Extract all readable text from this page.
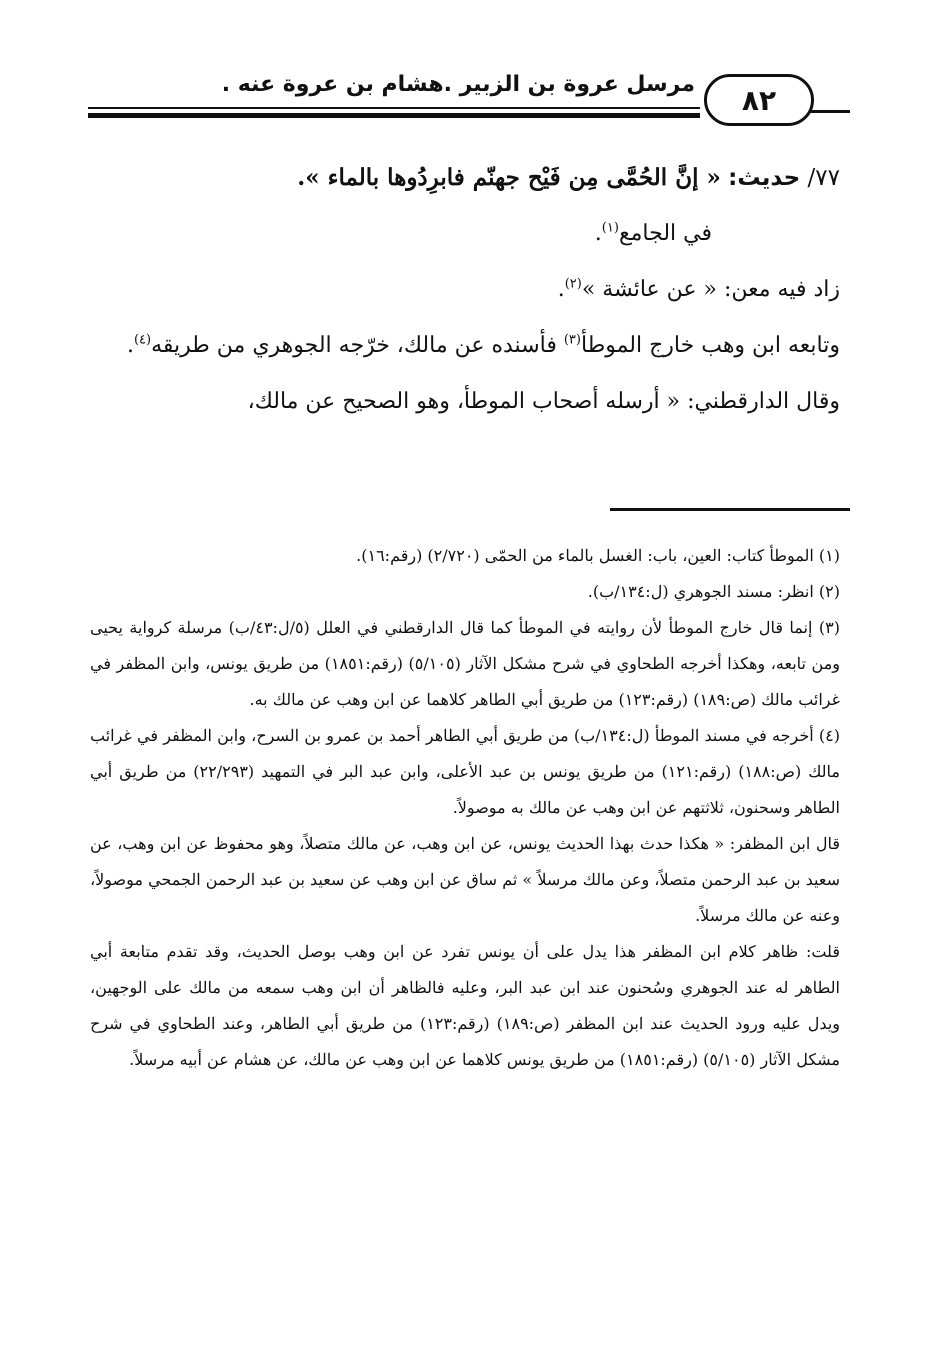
مرسل عروة بن الزبير .هشام بن عروة عنه .	٨٢

٧٧/ حديث: « إنَّ الحُمَّى مِن فَيْح جهنّم فابرِدُوها بالماء ».

في الجامع$^{(١)}$.

زاد فيه معن: « عن عائشة »$^{(٢)}$.

وتابعه ابن وهب خارج الموطأ$^{(٣)}$ فأسنده عن مالك، خرّجه الجوهري من طريقه$^{(٤)}$.

وقال الدارقطني: « أرسله أصحاب الموطأ، وهو الصحيح عن مالك،

(١) الموطأ كتاب: العين، باب: الغسل بالماء من الحمّى (٢/٧٢٠) (رقم:١٦).

(٢) انظر: مسند الجوهري (ل:١٣٤/ب).

(٣) إنما قال خارج الموطأ لأن روايته في الموطأ كما قال الدارقطني في العلل (٥/ل:٤٣/ب) مرسلة كرواية يحيى ومن تابعه، وهكذا أخرجه الطحاوي في شرح مشكل الآثار (٥/١٠٥) (رقم:١٨٥١) من طريق يونس، وابن المظفر في غرائب مالك (ص:١٨٩) (رقم:١٢٣) من طريق أبي الطاهر كلاهما عن ابن وهب عن مالك به.

(٤) أخرجه في مسند الموطأ (ل:١٣٤/ب) من طريق أبي الطاهر أحمد بن عمرو بن السرح، وابن المظفر في غرائب مالك (ص:١٨٨) (رقم:١٢١) من طريق يونس بن عبد الأعلى، وابن عبد البر في التمهيد (٢٢/٢٩٣) من طريق أبي الطاهر وسحنون، ثلاثتهم عن ابن وهب عن مالك به موصولاً.

قال ابن المظفر: « هكذا حدث بهذا الحديث يونس، عن ابن وهب، عن مالك متصلاً، وهو محفوظ عن ابن وهب، عن سعيد بن عبد الرحمن متصلاً، وعن مالك مرسلاً » ثم ساق عن ابن وهب عن سعيد بن عبد الرحمن الجمحي موصولاً، وعنه عن مالك مرسلاً.

قلت: ظاهر كلام ابن المظفر هذا يدل على أن يونس تفرد عن ابن وهب بوصل الحديث، وقد تقدم متابعة أبي الطاهر له عند الجوهري وسُحنون عند ابن عبد البر، وعليه فالظاهر أن ابن وهب سمعه من مالك على الوجهين، ويدل عليه ورود الحديث عند ابن المظفر (ص:١٨٩) (رقم:١٢٣) من طريق أبي الطاهر، وعند الطحاوي في شرح مشكل الآثار (٥/١٠٥) (رقم:١٨٥١) من طريق يونس كلاهما عن ابن وهب عن مالك، عن هشام عن أبيه مرسلاً.
